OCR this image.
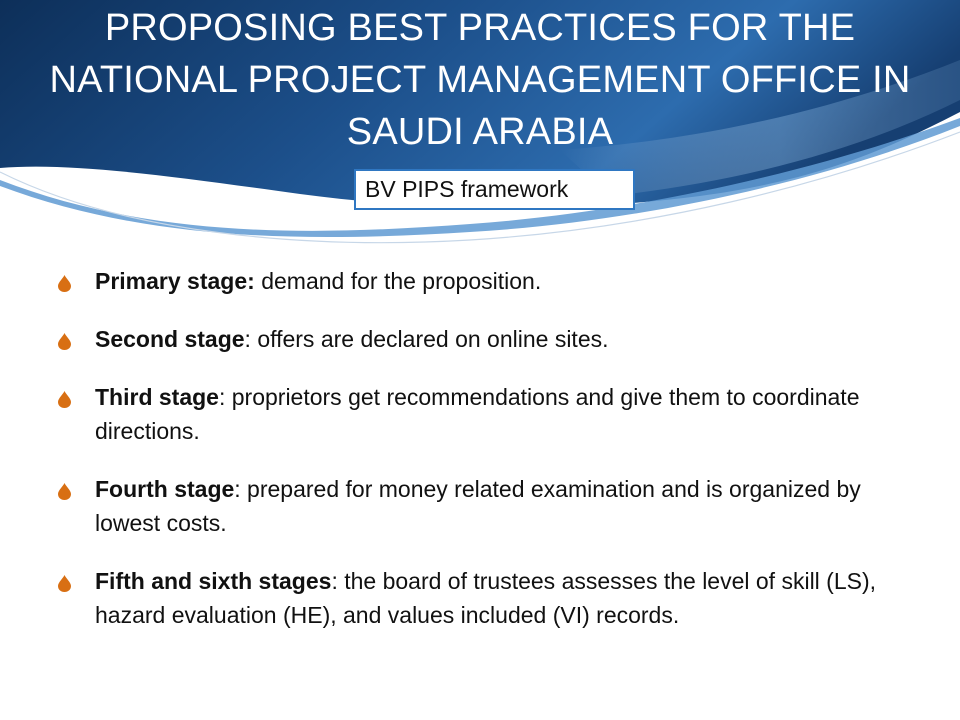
PROPOSING BEST PRACTICES FOR THE NATIONAL PROJECT MANAGEMENT OFFICE IN SAUDI ARABIA
BV PIPS framework
Primary stage: demand for the proposition.
Second stage: offers are declared on online sites.
Third stage: proprietors get recommendations and give them to coordinate directions.
Fourth stage: prepared for money related examination and is organized by lowest costs.
Fifth and sixth stages: the board of trustees assesses the level of skill (LS), hazard evaluation (HE), and values included (VI) records.
